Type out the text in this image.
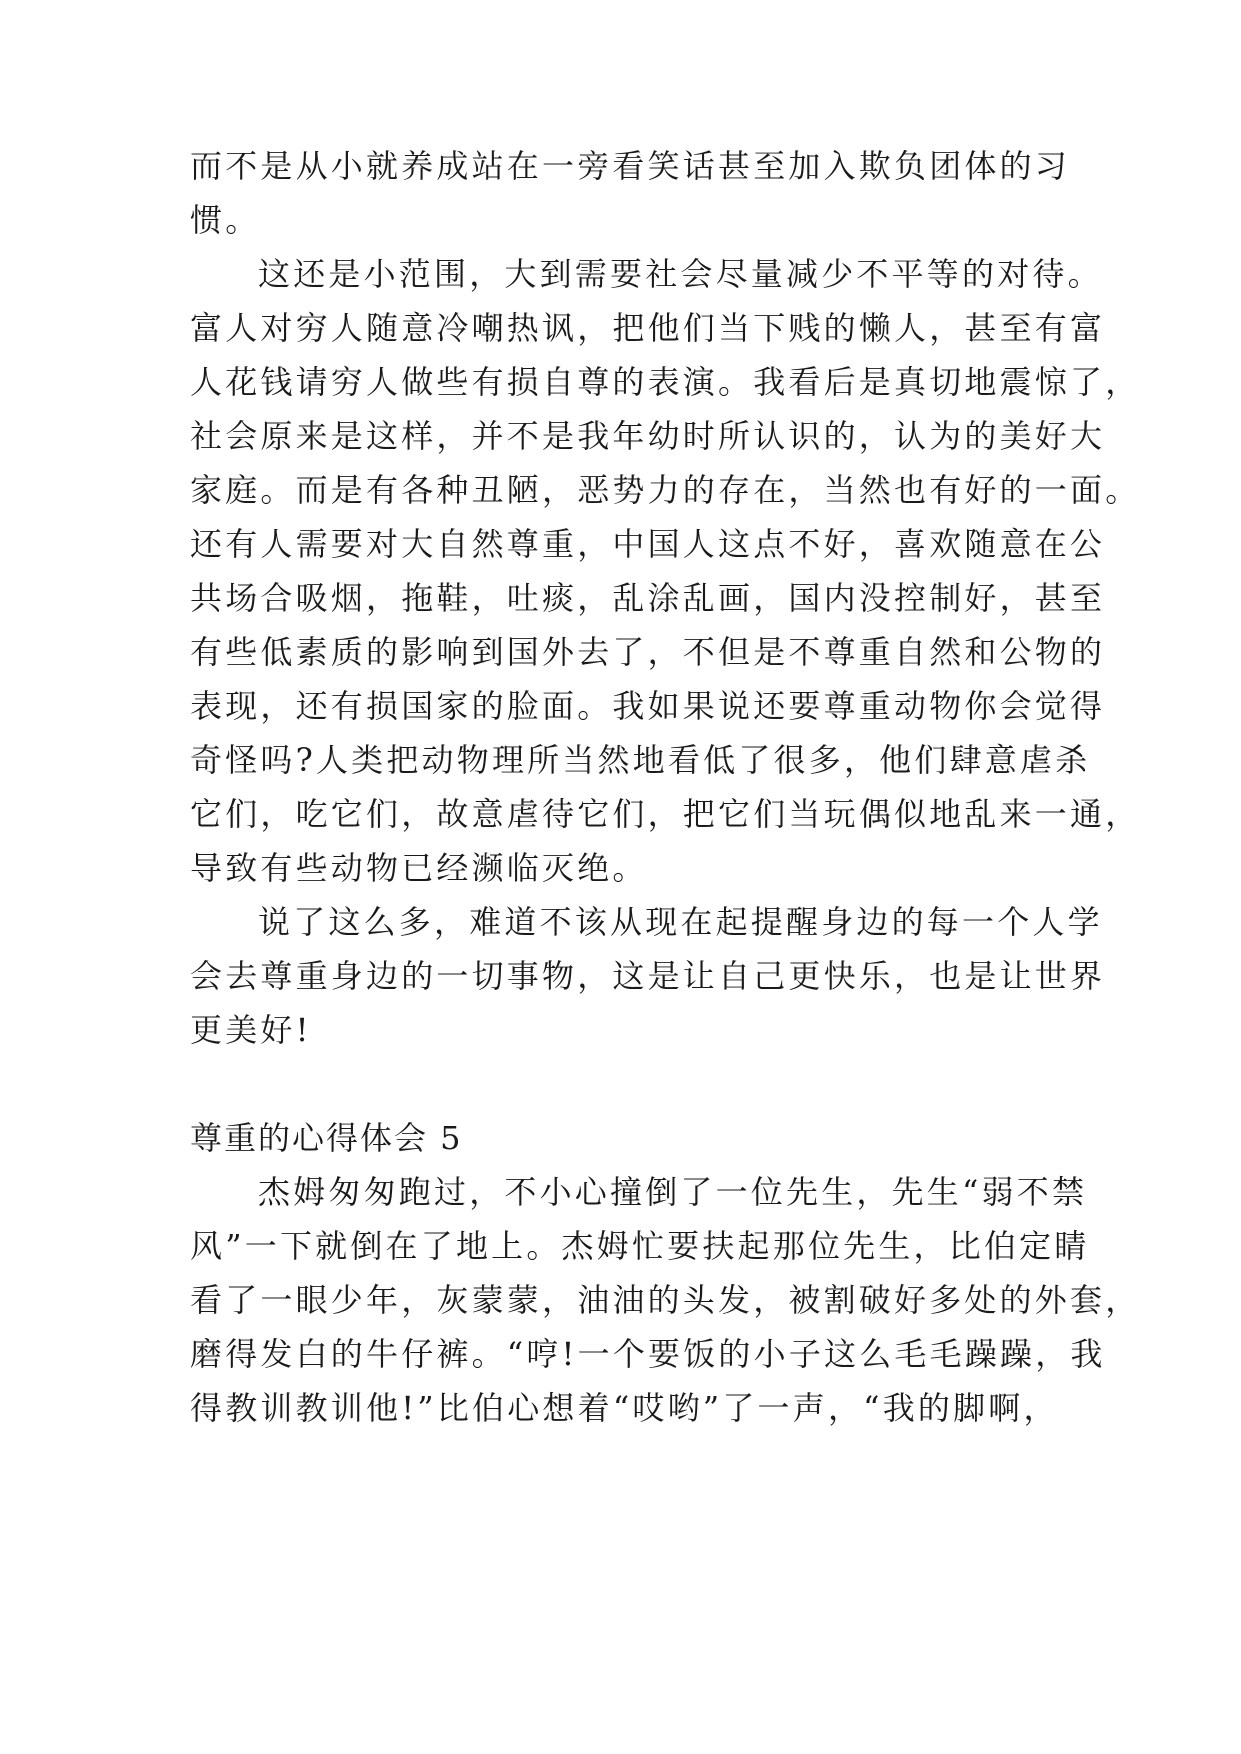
而不是从小就养成站在一旁看笑话甚至加入欺负团体的习
惯。
这还是小范围，大到需要社会尽量减少不平等的对待。
富人对穷人随意冷嘲热讽，把他们当下贱的懒人，甚至有富
人花钱请穷人做些有损自尊的表演。我看后是真切地震惊了，
社会原来是这样，并不是我年幼时所认识的，认为的美好大
家庭。而是有各种丑陋，恶势力的存在，当然也有好的一面。
还有人需要对大自然尊重，中国人这点不好，喜欢随意在公
共场合吸烟，拖鞋，吐痰，乱涂乱画，国内没控制好，甚至
有些低素质的影响到国外去了，不但是不尊重自然和公物的
表现，还有损国家的脸面。我如果说还要尊重动物你会觉得
奇怪吗?人类把动物理所当然地看低了很多，他们肆意虐杀
它们，吃它们，故意虐待它们，把它们当玩偶似地乱来一通，
导致有些动物已经濒临灭绝。
说了这么多，难道不该从现在起提醒身边的每一个人学
会去尊重身边的一切事物，这是让自己更快乐，也是让世界
更美好!
尊重的心得体会 5
杰姆匆匆跑过，不小心撞倒了一位先生，先生“弱不禁
风”一下就倒在了地上。杰姆忙要扶起那位先生，比伯定睛
看了一眼少年，灰蒙蒙，油油的头发，被割破好多处的外套，
磨得发白的牛仔裤。“哼!一个要饭的小子这么毛毛躁躁，我
得教训教训他!”比伯心想着“哎哟”了一声，“我的脚啊，
